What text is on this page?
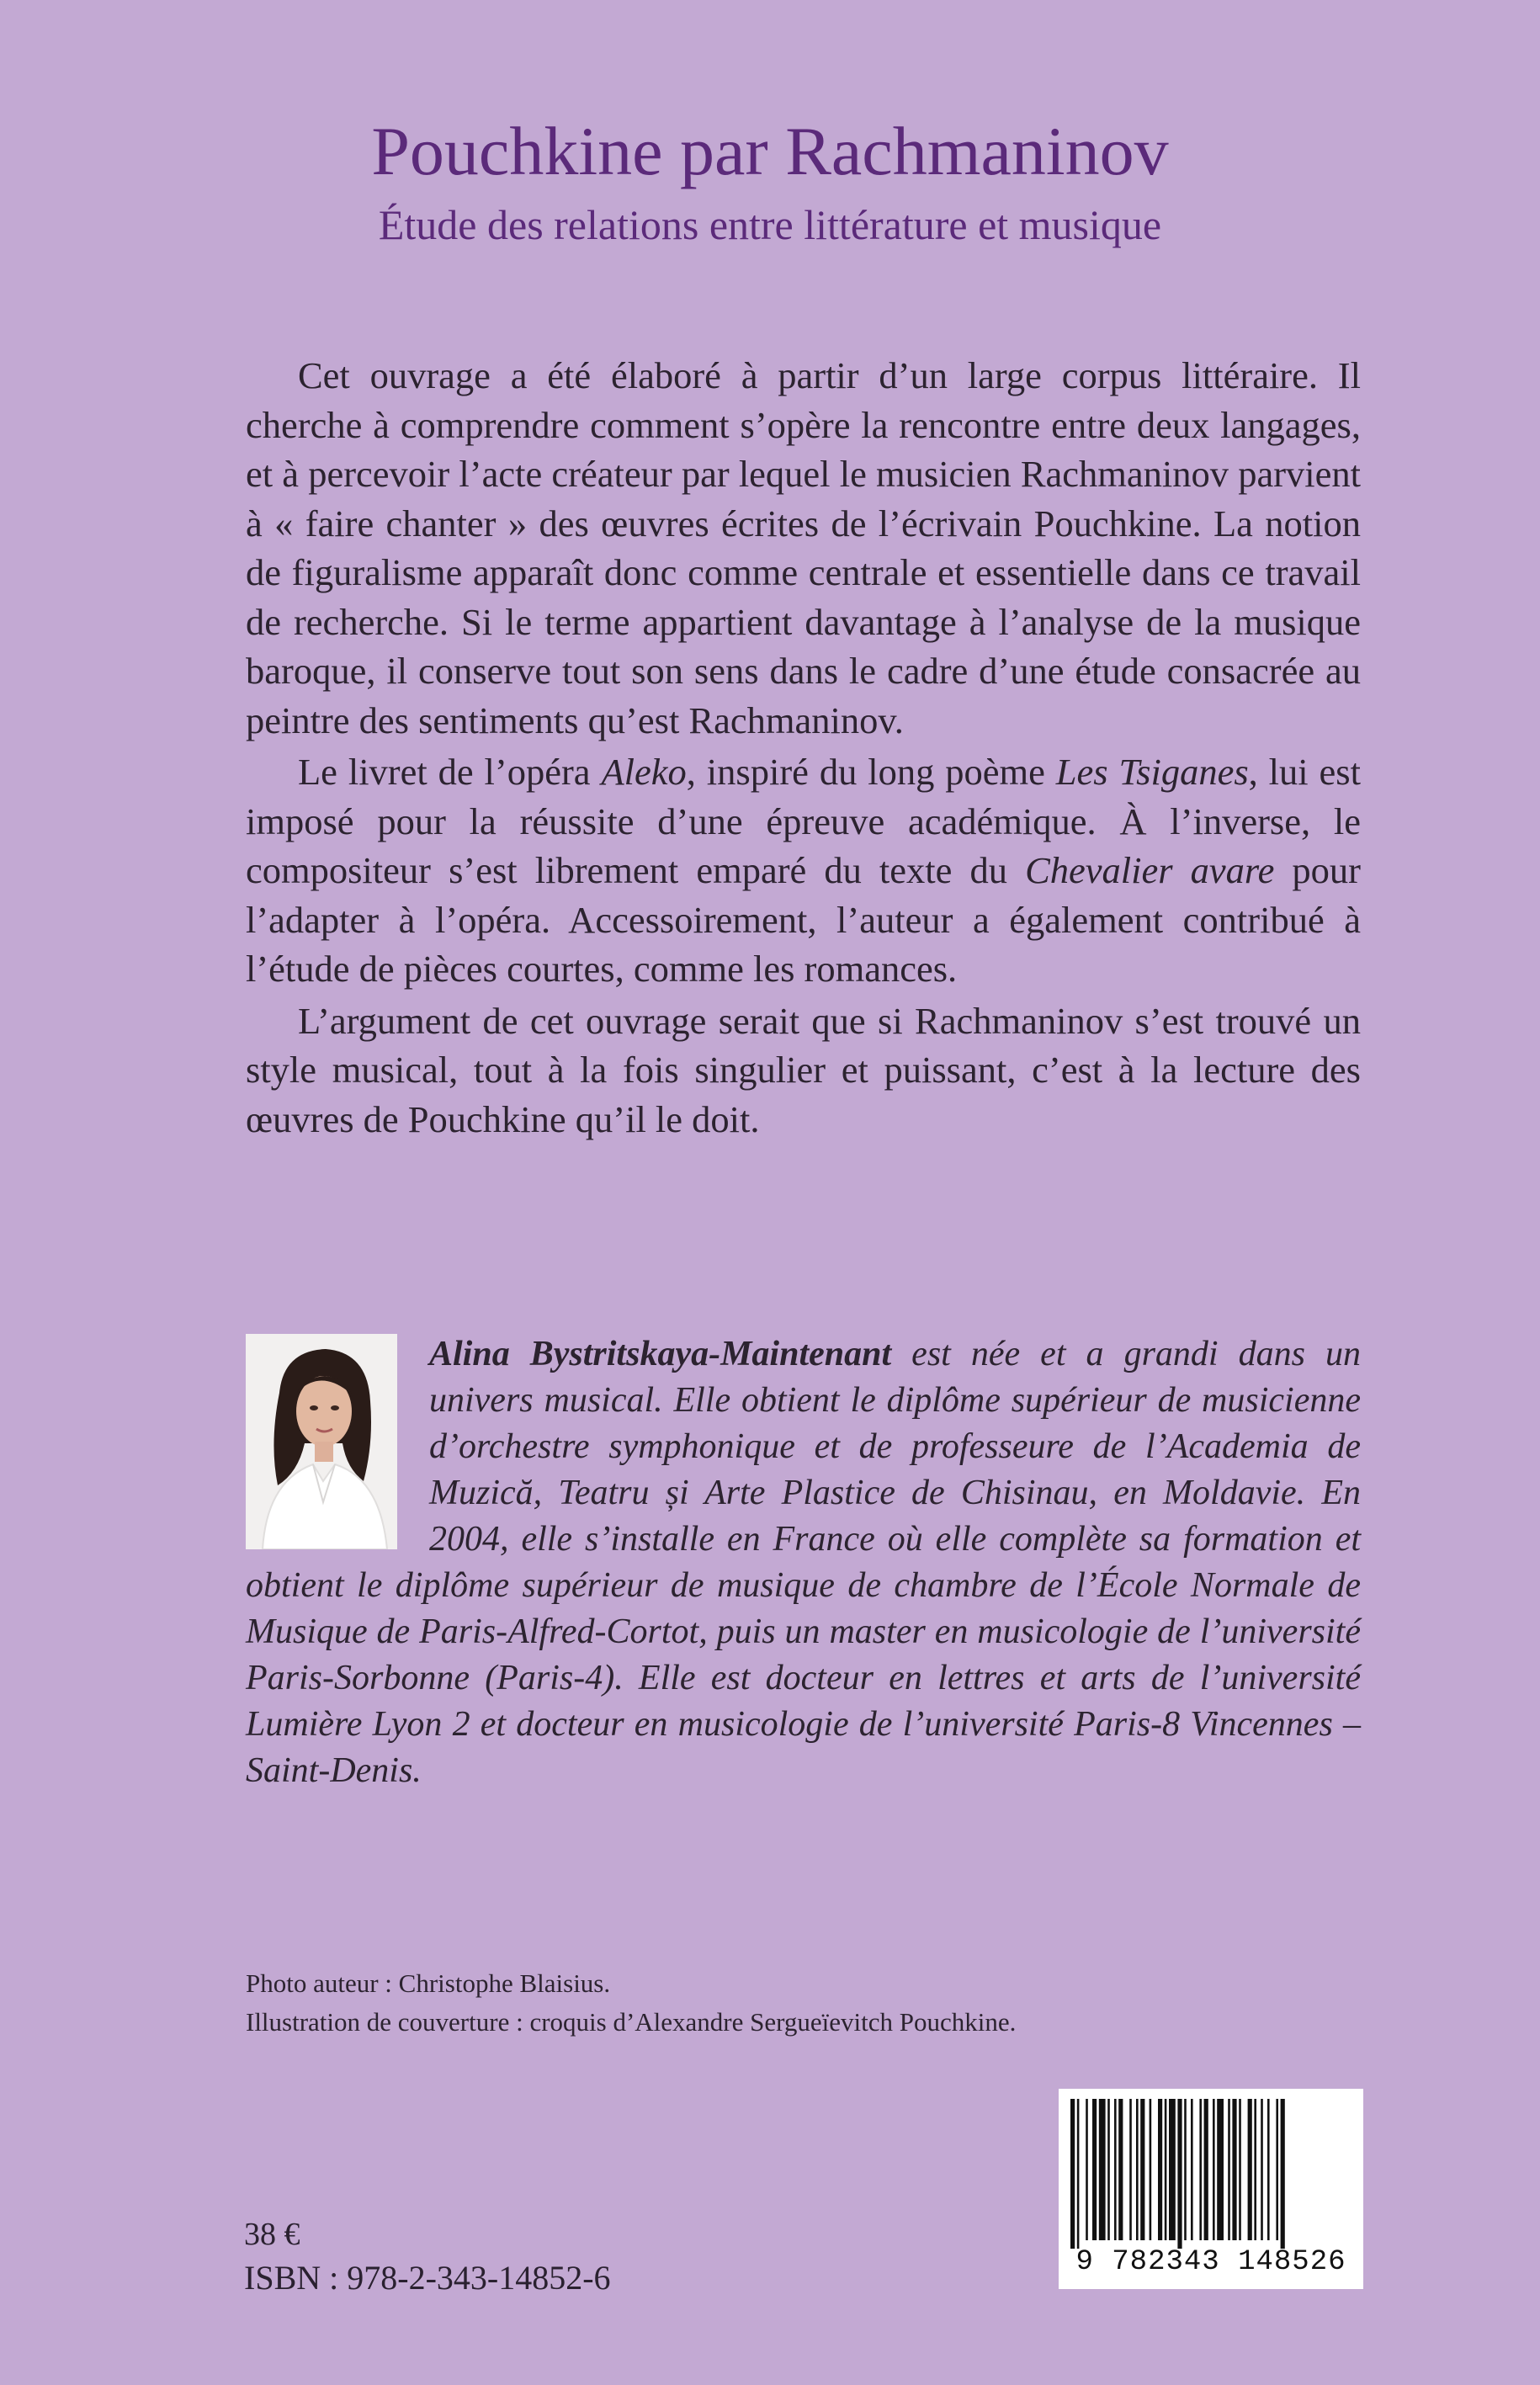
Pouchkine par Rachmaninov
Étude des relations entre littérature et musique

Cet ouvrage a été élaboré à partir d’un large corpus littéraire. Il cherche à comprendre comment s’opère la rencontre entre deux langages, et à percevoir l’acte créateur par lequel le musicien Rachmaninov parvient à « faire chanter » des œuvres écrites de l’écrivain Pouchkine. La notion de figuralisme apparaît donc comme centrale et essentielle dans ce travail de recherche. Si le terme appartient davantage à l’analyse de la musique baroque, il conserve tout son sens dans le cadre d’une étude consacrée au peintre des sentiments qu’est Rachmaninov.

Le livret de l’opéra Aleko, inspiré du long poème Les Tsiganes, lui est imposé pour la réussite d’une épreuve académique. À l’inverse, le compositeur s’est librement emparé du texte du Chevalier avare pour l’adapter à l’opéra. Accessoirement, l’auteur a également contribué à l’étude de pièces courtes, comme les romances.

L’argument de cet ouvrage serait que si Rachmaninov s’est trouvé un style musical, tout à la fois singulier et puissant, c’est à la lecture des œuvres de Pouchkine qu’il le doit.

Alina Bystritskaya-Maintenant est née et a grandi dans un univers musical. Elle obtient le diplôme supérieur de musicienne d’orchestre symphonique et de professeure de l’Academia de Muzică, Teatru și Arte Plastice de Chisinau, en Moldavie. En 2004, elle s’installe en France où elle complète sa formation et obtient le diplôme supérieur de musique de chambre de l’École Normale de Musique de Paris-Alfred-Cortot, puis un master en musicologie de l’université Paris-Sorbonne (Paris-4). Elle est docteur en lettres et arts de l’université Lumière Lyon 2 et docteur en musicologie de l’université Paris-8 Vincennes – Saint-Denis.
Photo auteur : Christophe Blaisius.
Illustration de couverture : croquis d’Alexandre Sergueïevitch Pouchkine.
38 €
ISBN : 978-2-343-14852-6	9 782343 148526
